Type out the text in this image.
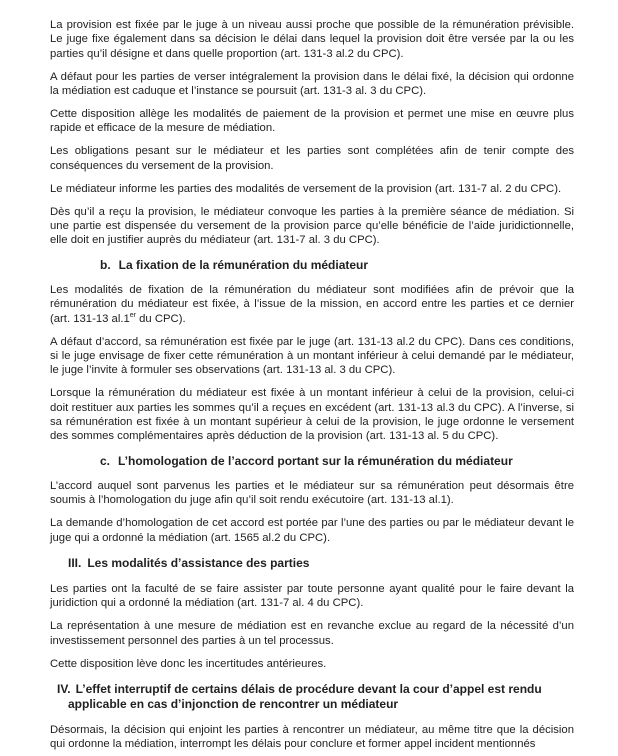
La provision est fixée par le juge à un niveau aussi proche que possible de la rémunération prévisible. Le juge fixe également dans sa décision le délai dans lequel la provision doit être versée par la ou les parties qu’il désigne et dans quelle proportion (art. 131-3 al.2 du CPC).

A défaut pour les parties de verser intégralement la provision dans le délai fixé, la décision qui ordonne la médiation est caduque et l’instance se poursuit (art. 131-3 al. 3 du CPC).

Cette disposition allège les modalités de paiement de la provision et permet une mise en œuvre plus rapide et efficace de la mesure de médiation.

Les obligations pesant sur le médiateur et les parties sont complétées afin de tenir compte des conséquences du versement de la provision.

Le médiateur informe les parties des modalités de versement de la provision (art. 131-7 al. 2 du CPC).

Dès qu’il a reçu la provision, le médiateur convoque les parties à la première séance de médiation. Si une partie est dispensée du versement de la provision parce qu’elle bénéficie de l’aide juridictionnelle, elle doit en justifier auprès du médiateur (art. 131-7 al. 3 du CPC).

b. La fixation de la rémunération du médiateur

Les modalités de fixation de la rémunération du médiateur sont modifiées afin de prévoir que la rémunération du médiateur est fixée, à l’issue de la mission, en accord entre les parties et ce dernier (art. 131-13 al.1er du CPC).

A défaut d’accord, sa rémunération est fixée par le juge (art. 131-13 al.2 du CPC). Dans ces conditions, si le juge envisage de fixer cette rémunération à un montant inférieur à celui demandé par le médiateur, le juge l’invite à formuler ses observations (art. 131-13 al. 3 du CPC).

Lorsque la rémunération du médiateur est fixée à un montant inférieur à celui de la provision, celui-ci doit restituer aux parties les sommes qu’il a reçues en excédent (art. 131-13 al.3 du CPC). A l’inverse, si sa rémunération est fixée à un montant supérieur à celui de la provision, le juge ordonne le versement des sommes complémentaires après déduction de la provision (art. 131-13 al. 5 du CPC).

c. L’homologation de l’accord portant sur la rémunération du médiateur

L’accord auquel sont parvenus les parties et le médiateur sur sa rémunération peut désormais être soumis à l’homologation du juge afin qu’il soit rendu exécutoire (art. 131-13 al.1).

La demande d’homologation de cet accord est portée par l’une des parties ou par le médiateur devant le juge qui a ordonné la médiation (art. 1565 al.2 du CPC).

III. Les modalités d’assistance des parties

Les parties ont la faculté de se faire assister par toute personne ayant qualité pour le faire devant la juridiction qui a ordonné la médiation (art. 131-7 al. 4 du CPC).

La représentation à une mesure de médiation est en revanche exclue au regard de la nécessité d’un investissement personnel des parties à un tel processus.

Cette disposition lève donc les incertitudes antérieures.

IV. L’effet interruptif de certains délais de procédure devant la cour d’appel est rendu applicable en cas d’injonction de rencontrer un médiateur

Désormais, la décision qui enjoint les parties à rencontrer un médiateur, au même titre que la décision qui ordonne la médiation, interrompt les délais pour conclure et former appel incident mentionnés
